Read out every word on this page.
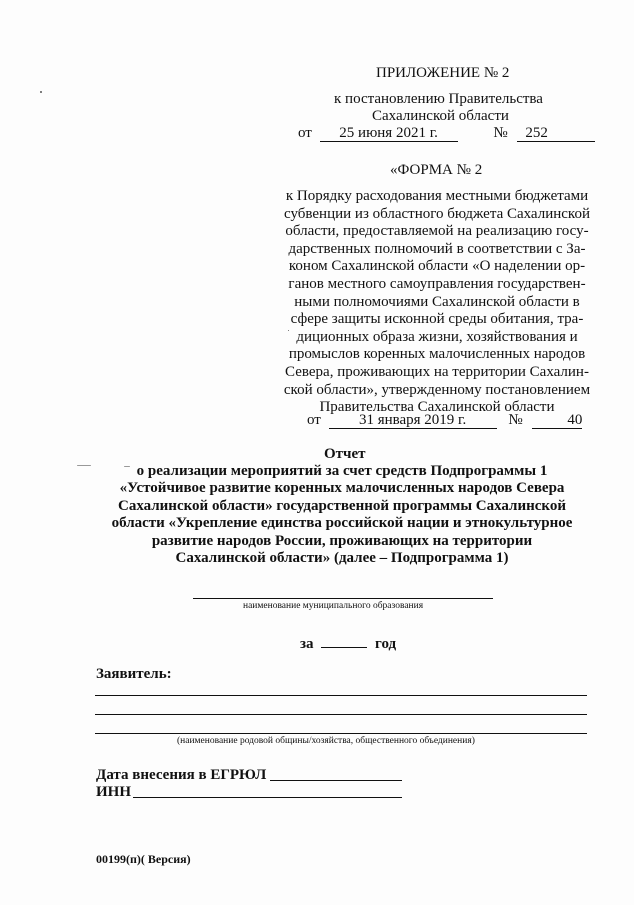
ПРИЛОЖЕНИЕ № 2
к постановлению Правительства
Сахалинской области
от 25 июня 2021 г.	№ 252
«ФОРМА № 2
к Порядку расходования местными бюджетами
субвенции из областного бюджета Сахалинской
области, предоставляемой на реализацию госу-
дарственных полномочий в соответствии с За-
коном Сахалинской области «О наделении ор-
ганов местного самоуправления государствен-
ными полномочиями Сахалинской области в
сфере защиты исконной среды обитания, тра-
диционных образа жизни, хозяйствования и
промыслов коренных малочисленных народов
Севера, проживающих на территории Сахалин-
ской области», утвержденному постановлением
Правительства Сахалинской области
от	31 января 2019 г.	№	40
Отчет
о реализации мероприятий за счет средств Подпрограммы 1
«Устойчивое развитие коренных малочисленных народов Севера
Сахалинской области» государственной программы Сахалинской
области «Укрепление единства российской нации и этнокультурное
развитие народов России, проживающих на территории
Сахалинской области» (далее – Подпрограмма 1)
наименование муниципального образования
за	год
Заявитель:
(наименование родовой общины/хозяйства, общественного объединения)
Дата внесения в ЕГРЮЛ
ИНН
00199(п)( Версия)
